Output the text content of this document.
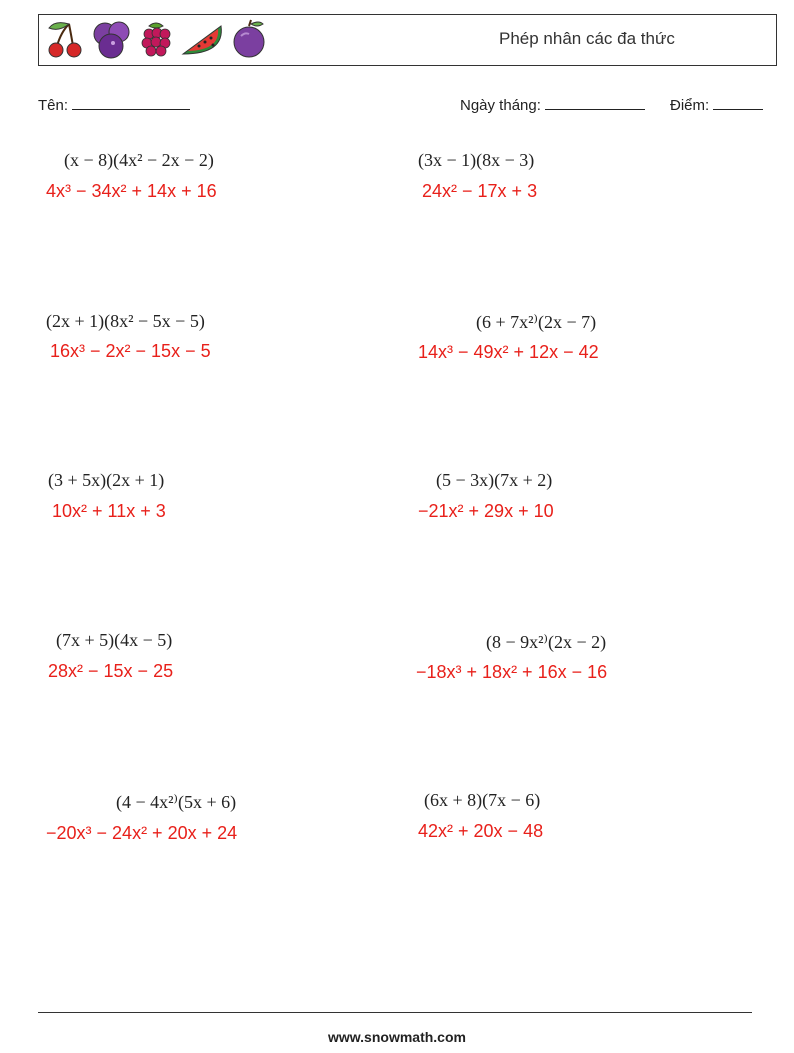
Phép nhân các đa thức
Tên:	Ngày tháng:	Điểm:
(x − 8)(4x² − 2x − 2)
4x³ − 34x² + 14x + 16
(3x − 1)(8x − 3)
24x² − 17x + 3
(2x + 1)(8x² − 5x − 5)
16x³ − 2x² − 15x − 5
(6 + 7x²⁾(2x − 7)
14x³ − 49x² + 12x − 42
(3 + 5x)(2x + 1)
10x² + 11x + 3
(5 − 3x)(7x + 2)
−21x² + 29x + 10
(7x + 5)(4x − 5)
28x² − 15x − 25
(8 − 9x²⁾(2x − 2)
−18x³ + 18x² + 16x − 16
(4 − 4x²⁾(5x + 6)
−20x³ − 24x² + 20x + 24
(6x + 8)(7x − 6)
42x² + 20x − 48
www.snowmath.com
